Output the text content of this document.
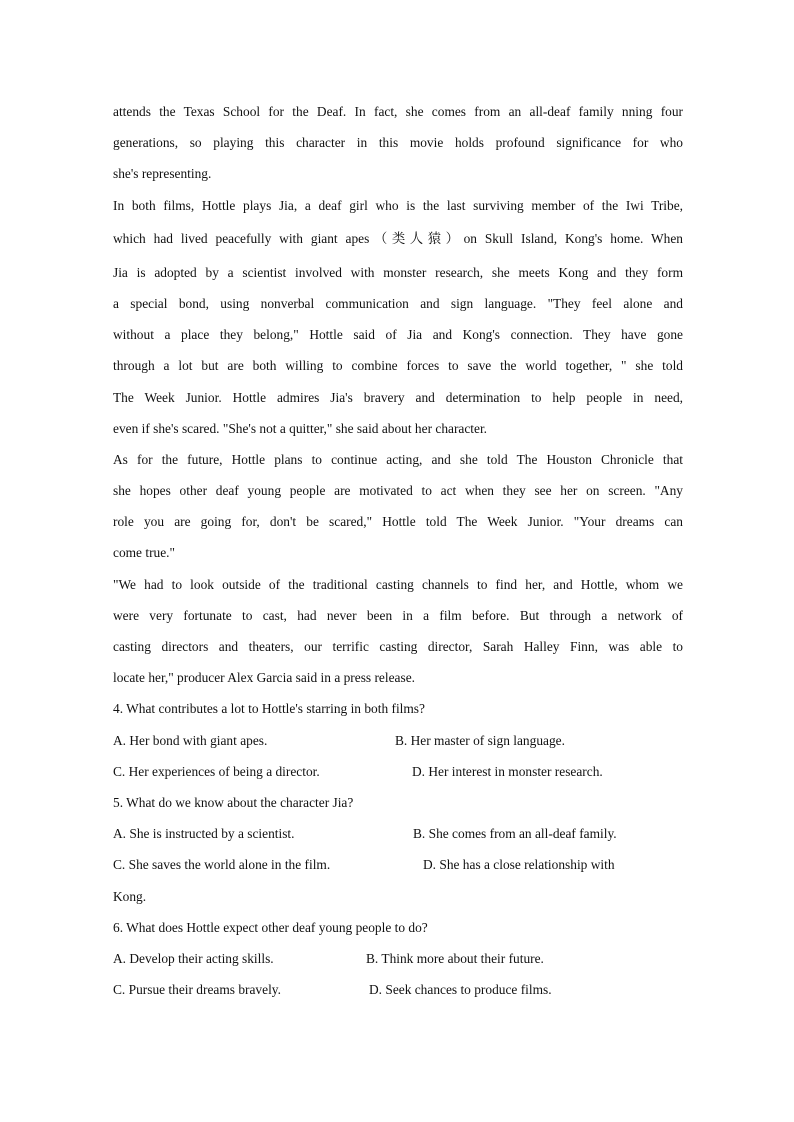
attends the Texas School for the Deaf. In fact, she comes from an all-deaf family nning four
generations, so playing this character in this movie holds profound significance for who
she's representing.
In both films, Hottle plays Jia, a deaf girl who is the last surviving member of the Iwi Tribe,
which had lived peacefully with giant apes（类人猿）on Skull Island, Kong's home. When
Jia is adopted by a scientist involved with monster research, she meets Kong and they form
a special bond, using nonverbal communication and sign language. "They feel alone and
without a place they belong," Hottle said of Jia and Kong's connection. They have gone
through a lot but are both willing to combine forces to save the world together, " she told
The Week Junior. Hottle admires Jia's bravery and determination to help people in need,
even if she's scared. "She's not a quitter," she said about her character.
As for the future, Hottle plans to continue acting, and she told The Houston Chronicle that
she hopes other deaf young people are motivated to act when they see her on screen. "Any
role you are going for, don't be scared," Hottle told The Week Junior. "Your dreams can
come true."
"We had to look outside of the traditional casting channels to find her, and Hottle, whom we
were very fortunate to cast, had never been in a film before. But through a network of
casting directors and theaters, our terrific casting director, Sarah Halley Finn, was able to
locate her," producer Alex Garcia said in a press release.
4. What contributes a lot to Hottle's starring in both films?
A. Her bond with giant apes.	B. Her master of sign language.
C. Her experiences of being a director.	D. Her interest in monster research.
5. What do we know about the character Jia?
A. She is instructed by a scientist.	B. She comes from an all-deaf family.
C. She saves the world alone in the film.	D. She has a close relationship with
Kong.
6. What does Hottle expect other deaf young people to do?
A. Develop their acting skills.	B. Think more about their future.
C. Pursue their dreams bravely.	D. Seek chances to produce films.
